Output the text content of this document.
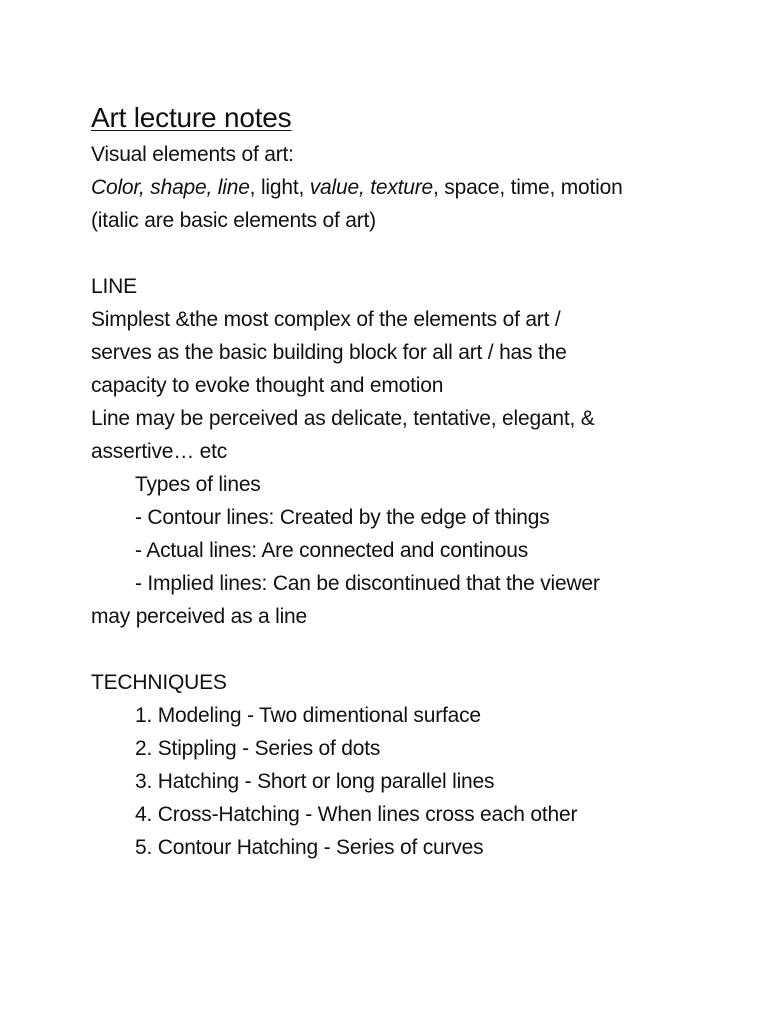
Art lecture notes
Visual elements of art:
Color, shape, line, light, value, texture, space, time, motion
(italic are basic elements of art)
LINE
Simplest &the most complex of the elements of art /
serves as the basic building block for all art / has the
capacity to evoke thought and emotion
Line may be perceived as delicate, tentative, elegant, &
assertive… etc
Types of lines
- Contour lines: Created by the edge of things
- Actual lines: Are connected and continous
- Implied lines: Can be discontinued that the viewer
may perceived as a line
TECHNIQUES
1. Modeling - Two dimentional surface
2. Stippling - Series of dots
3. Hatching - Short or long parallel lines
4. Cross-Hatching - When lines cross each other
5. Contour Hatching - Series of curves
